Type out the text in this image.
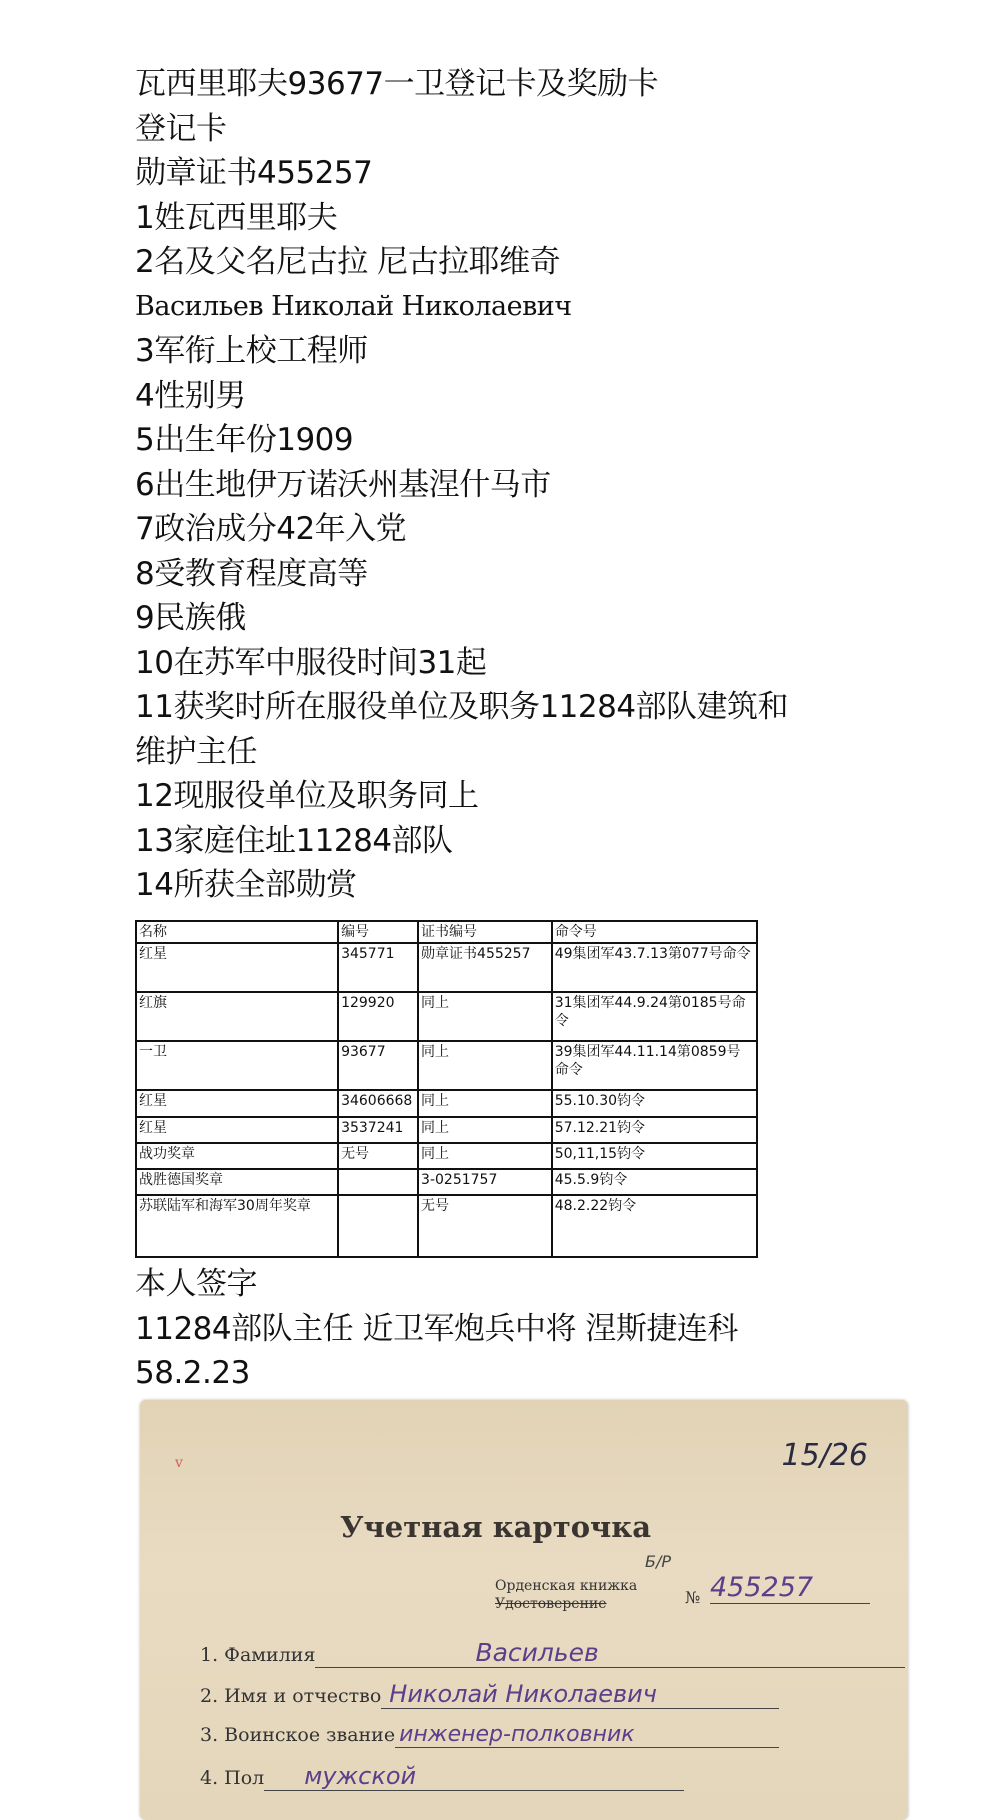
瓦西里耶夫93677一卫登记卡及奖励卡
登记卡
勋章证书455257
1姓瓦西里耶夫
2名及父名尼古拉 尼古拉耶维奇
Васильев Николай Николаевич
3军衔上校工程师
4性别男
5出生年份1909
6出生地伊万诺沃州基涅什马市
7政治成分42年入党
8受教育程度高等
9民族俄
10在苏军中服役时间31起
11获奖时所在服役单位及职务11284部队建筑和
维护主任
12现服役单位及职务同上
13家庭住址11284部队
14所获全部勋赏
名称	编号	证书编号	命令号
红星	345771	勋章证书455257	49集团军43.7.13第077号命令
红旗	129920	同上	31集团军44.9.24第0185号命令
一卫	93677	同上	39集团军44.11.14第0859号命令
红星	34606668	同上	55.10.30钧令
红星	3537241	同上	57.12.21钧令
战功奖章	无号	同上	50,11,15钧令
战胜德国奖章		3-0251757	45.5.9钧令
苏联陆军和海军30周年奖章		无号	48.2.22钧令
本人签字
11284部队主任 近卫军炮兵中将 涅斯捷连科
58.2.23
15/26
v
Учетная карточка
Б/Р
Орденская книжка
Удостоверение	№ 455257
1. Фамилия	Васильев
2. Имя и отчество Николай Николаевич
3. Воинское звание инженер-полковник
4. Пол мужской
